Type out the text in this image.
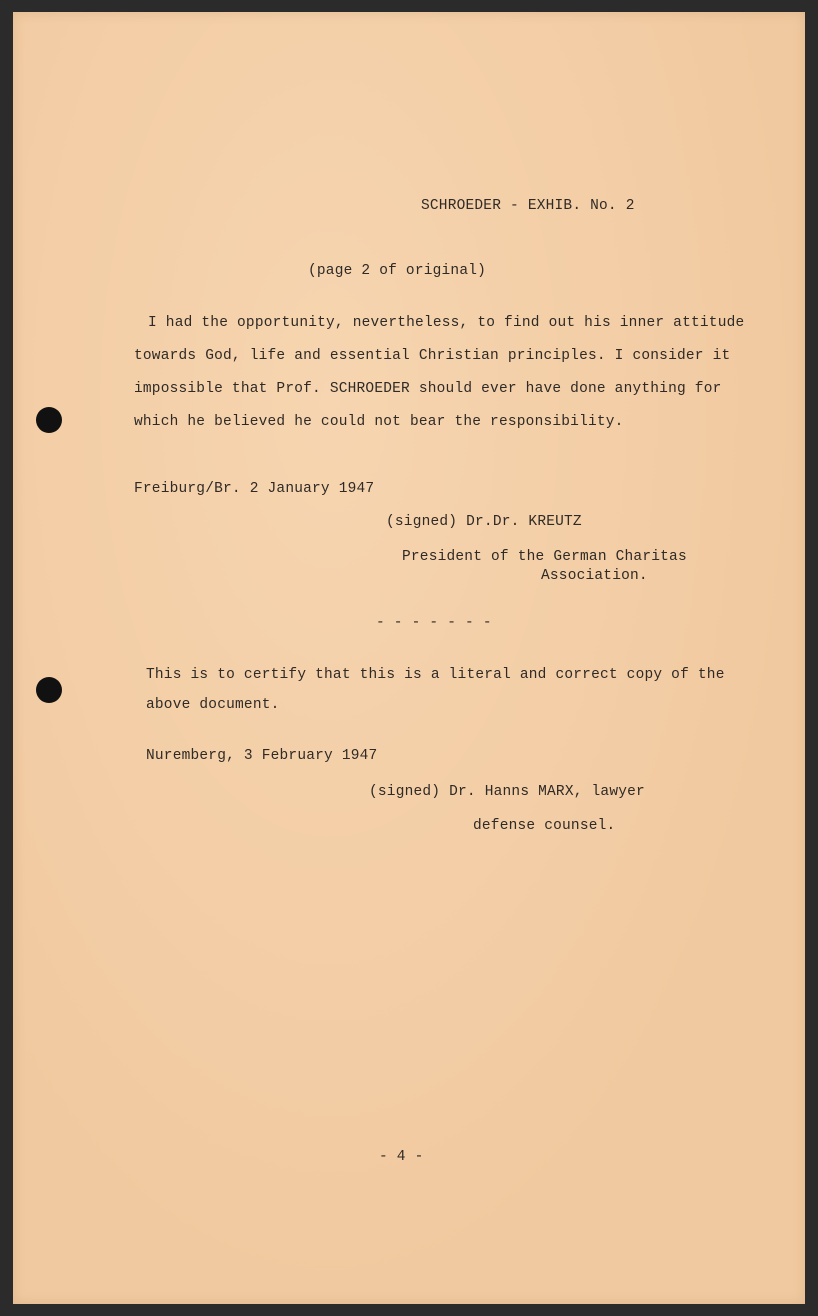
SCHROEDER - EXHIB. No. 2
(page 2 of original)
I had the opportunity, nevertheless, to find out his inner attitude
towards God, life and essential Christian principles. I consider it
impossible that Prof. SCHROEDER should ever have done anything for
which he believed he could not bear the responsibility.
Freiburg/Br. 2 January 1947
(signed) Dr.Dr. KREUTZ
President of the German Charitas
Association.
- - - - - - -
This is to certify that this is a literal and correct copy of the
above document.
Nuremberg, 3 February 1947
(signed) Dr. Hanns MARX, lawyer
defense counsel.
- 4 -
